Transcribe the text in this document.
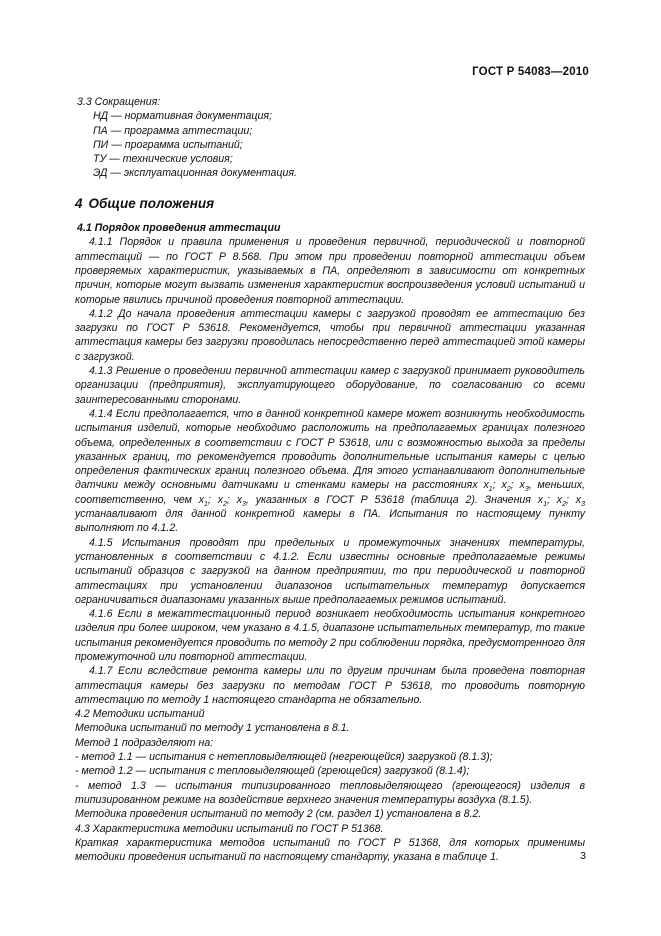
ГОСТ Р 54083—2010

3.3 Сокращения:

НД — нормативная документация;
ПА — программа аттестации;
ПИ — программа испытаний;
ТУ — технические условия;
ЭД — эксплуатационная документация.
4 Общие положения

4.1 Порядок проведения аттестации

4.1.1 Порядок и правила применения и проведения первичной, периодической и повторной аттестаций — по ГОСТ Р 8.568. При этом при проведении повторной аттестации объем проверяемых характеристик, указываемых в ПА, определяют в зависимости от конкретных причин, которые могут вызвать изменения характеристик воспроизведения условий испытаний и которые явились причиной проведения повторной аттестации.

4.1.2 До начала проведения аттестации камеры с загрузкой проводят ее аттестацию без загрузки по ГОСТ Р 53618. Рекомендуется, чтобы при первичной аттестации указанная аттестация камеры без загрузки проводилась непосредственно перед аттестацией этой камеры с загрузкой.

4.1.3 Решение о проведении первичной аттестации камер с загрузкой принимает руководитель организации (предприятия), эксплуатирующего оборудование, по согласованию со всеми заинтересованными сторонами.

4.1.4 Если предполагается, что в данной конкретной камере может возникнуть необходимость испытания изделий, которые необходимо расположить на предполагаемых границах полезного объема, определенных в соответствии с ГОСТ Р 53618, или с возможностью выхода за пределы указанных границ, то рекомендуется проводить дополнительные испытания камеры с целью определения фактических границ полезного объема. Для этого устанавливают дополнительные датчики между основными датчиками и стенками камеры на расстояниях $x_1$; $x_2$; $x_3$, меньших, соответственно, чем $x_1$; $x_2$; $x_3$, указанных в ГОСТ Р 53618 (таблица 2). Значения $x_1$; $x_2$; $x_3$ устанавливают для данной конкретной камеры в ПА. Испытания по настоящему пункту выполняют по 4.1.2.

4.1.5 Испытания проводят при предельных и промежуточных значениях температуры, установленных в соответствии с 4.1.2. Если известны основные предполагаемые режимы испытаний образцов с загрузкой на данном предприятии, то при периодической и повторной аттестациях при установлении диапазонов испытательных температур допускается ограничиваться диапазонами указанных выше предполагаемых режимов испытаний.

4.1.6 Если в межаттестационный период возникает необходимость испытания конкретного изделия при более широком, чем указано в 4.1.5, диапазоне испытательных температур, то такие испытания рекомендуется проводить по методу 2 при соблюдении порядка, предусмотренного для промежуточной или повторной аттестации.

4.1.7 Если вследствие ремонта камеры или по другим причинам была проведена повторная аттестация камеры без загрузки по методам ГОСТ Р 53618, то проводить повторную аттестацию по методу 1 настоящего стандарта не обязательно.

4.2 Методики испытаний

Методика испытаний по методу 1 установлена в 8.1.

Метод 1 подразделяют на:

- метод 1.1 — испытания с нетепловыделяющей (негреющейся) загрузкой (8.1.3);

- метод 1.2 — испытания с тепловыделяющей (греющейся) загрузкой (8.1.4);

- метод 1.3 — испытания типизированного тепловыделяющего (греющегося) изделия в типизированном режиме на воздействие верхнего значения температуры воздуха (8.1.5).

Методика проведения испытаний по методу 2 (см. раздел 1) установлена в 8.2.

4.3 Характеристика методики испытаний по ГОСТ Р 51368.

Краткая характеристика методов испытаний по ГОСТ Р 51368, для которых применимы методики проведения испытаний по настоящему стандарту, указана в таблице 1.	3
